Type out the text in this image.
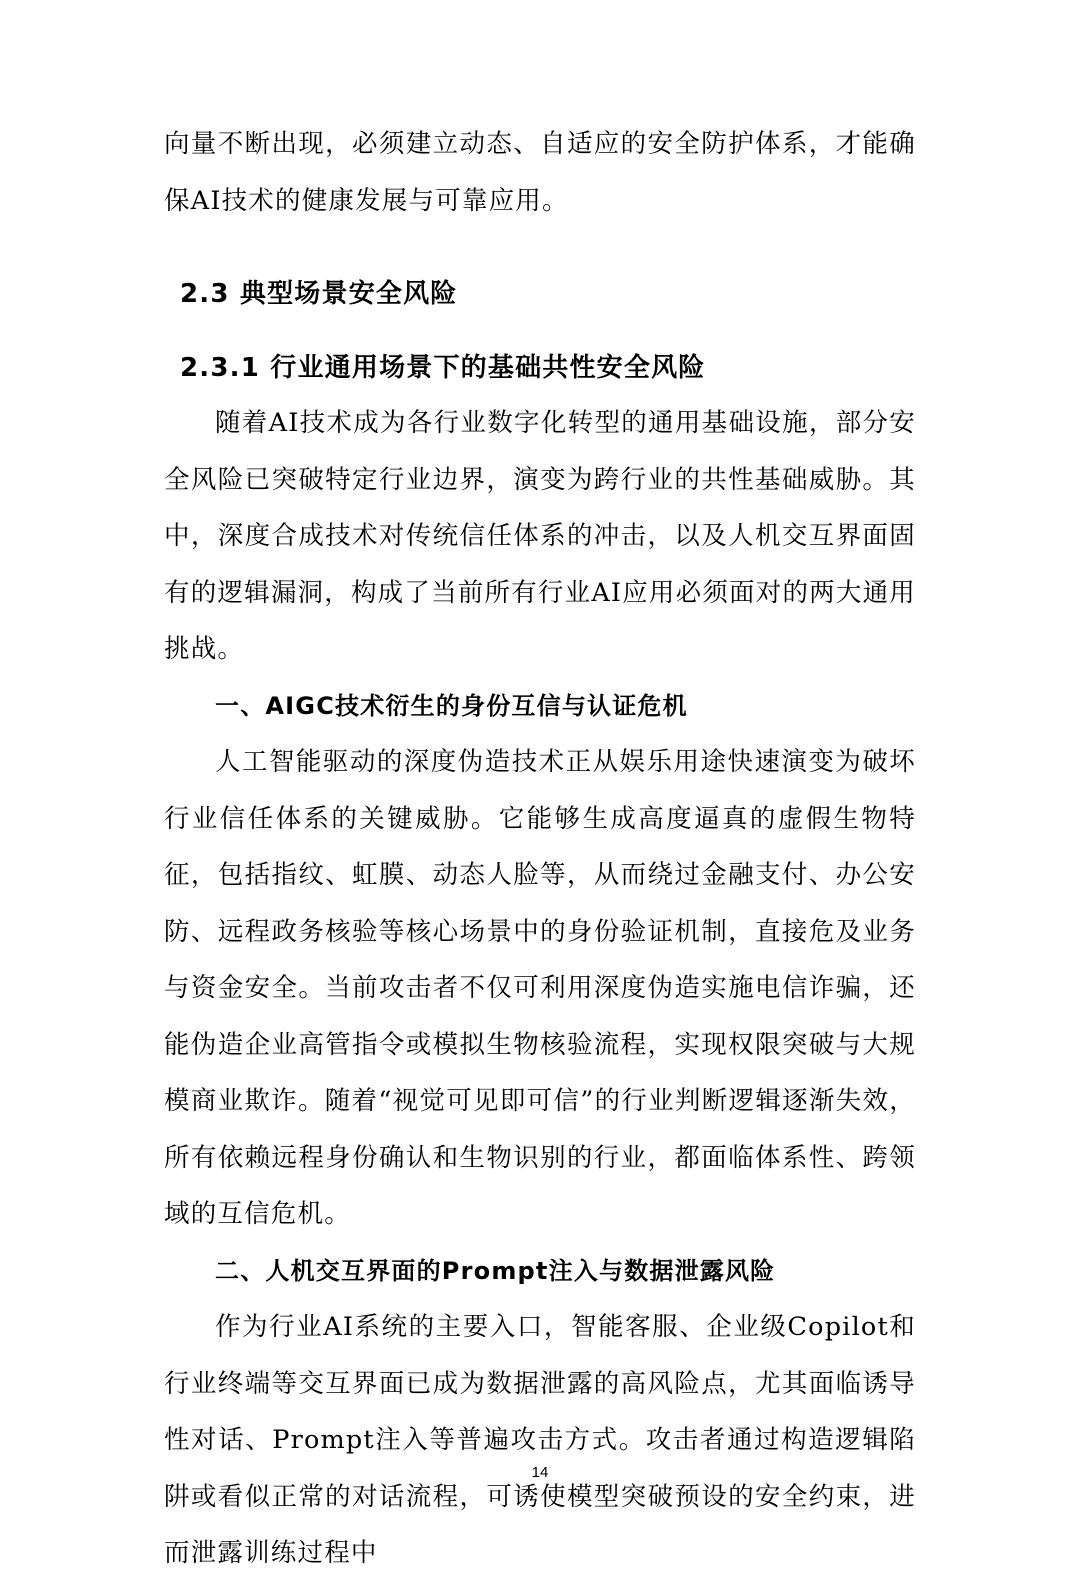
向量不断出现，必须建立动态、自适应的安全防护体系，才能确保AI技术的健康发展与可靠应用。

2.3 典型场景安全风险
2.3.1 行业通用场景下的基础共性安全风险

随着AI技术成为各行业数字化转型的通用基础设施，部分安全风险已突破特定行业边界，演变为跨行业的共性基础威胁。其中，深度合成技术对传统信任体系的冲击，以及人机交互界面固有的逻辑漏洞，构成了当前所有行业AI应用必须面对的两大通用挑战。

一、AIGC技术衍生的身份互信与认证危机

人工智能驱动的深度伪造技术正从娱乐用途快速演变为破坏行业信任体系的关键威胁。它能够生成高度逼真的虚假生物特征，包括指纹、虹膜、动态人脸等，从而绕过金融支付、办公安防、远程政务核验等核心场景中的身份验证机制，直接危及业务与资金安全。当前攻击者不仅可利用深度伪造实施电信诈骗，还能伪造企业高管指令或模拟生物核验流程，实现权限突破与大规模商业欺诈。随着“视觉可见即可信”的行业判断逻辑逐渐失效，所有依赖远程身份确认和生物识别的行业，都面临体系性、跨领域的互信危机。

二、人机交互界面的Prompt注入与数据泄露风险

作为行业AI系统的主要入口，智能客服、企业级Copilot和行业终端等交互界面已成为数据泄露的高风险点，尤其面临诱导性对话、Prompt注入等普遍攻击方式。攻击者通过构造逻辑陷阱或看似正常的对话流程，可诱使模型突破预设的安全约束，进而泄露训练过程中

14
